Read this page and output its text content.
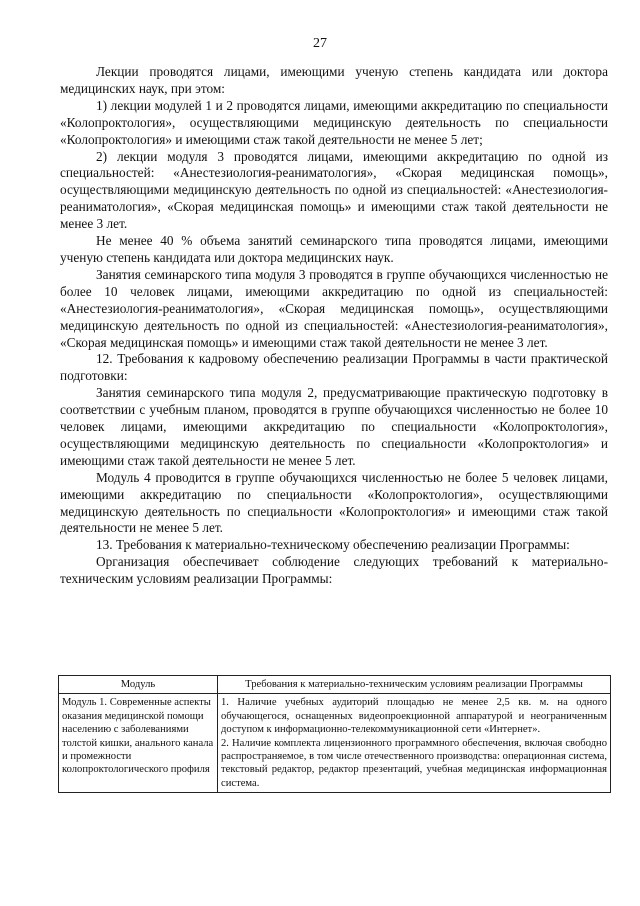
27

Лекции проводятся лицами, имеющими ученую степень кандидата или доктора медицинских наук, при этом:

1) лекции модулей 1 и 2 проводятся лицами, имеющими аккредитацию по специальности «Колопроктология», осуществляющими медицинскую деятельность по специальности «Колопроктология» и имеющими стаж такой деятельности не менее 5 лет;

2) лекции модуля 3 проводятся лицами, имеющими аккредитацию по одной из специальностей: «Анестезиология-реаниматология», «Скорая медицинская помощь», осуществляющими медицинскую деятельность по одной из специальностей: «Анестезиология-реаниматология», «Скорая медицинская помощь» и имеющими стаж такой деятельности не менее 3 лет.

Не менее 40 % объема занятий семинарского типа проводятся лицами, имеющими ученую степень кандидата или доктора медицинских наук.

Занятия семинарского типа модуля 3 проводятся в группе обучающихся численностью не более 10 человек лицами, имеющими аккредитацию по одной из специальностей: «Анестезиология-реаниматология», «Скорая медицинская помощь», осуществляющими медицинскую деятельность по одной из специальностей: «Анестезиология-реаниматология», «Скорая медицинская помощь» и имеющими стаж такой деятельности не менее 3 лет.

12. Требования к кадровому обеспечению реализации Программы в части практической подготовки:

Занятия семинарского типа модуля 2, предусматривающие практическую подготовку в соответствии с учебным планом, проводятся в группе обучающихся численностью не более 10 человек лицами, имеющими аккредитацию по специальности «Колопроктология», осуществляющими медицинскую деятельность по специальности «Колопроктология» и имеющими стаж такой деятельности не менее 5 лет.

Модуль 4 проводится в группе обучающихся численностью не более 5 человек лицами, имеющими аккредитацию по специальности «Колопроктология», осуществляющими медицинскую деятельность по специальности «Колопроктология» и имеющими стаж такой деятельности не менее 5 лет.

13. Требования к материально-техническому обеспечению реализации Программы:

Организация обеспечивает соблюдение следующих требований к материально-техническим условиям реализации Программы:

Модуль	Требования к материально-техническим условиям реализации Программы
Модуль 1. Современные аспекты оказания медицинской помощи населению с заболеваниями толстой кишки, анального канала и промежности колопроктологического профиля	1. Наличие учебных аудиторий площадью не менее 2,5 кв. м. на одного обучающегося, оснащенных видеопроекционной аппаратурой и неограниченным доступом к информационно-телекоммуникационной сети «Интернет».
2. Наличие комплекта лицензионного программного обеспечения, включая свободно распространяемое, в том числе отечественного производства: операционная система, текстовый редактор, редактор презентаций, учебная медицинская информационная система.
